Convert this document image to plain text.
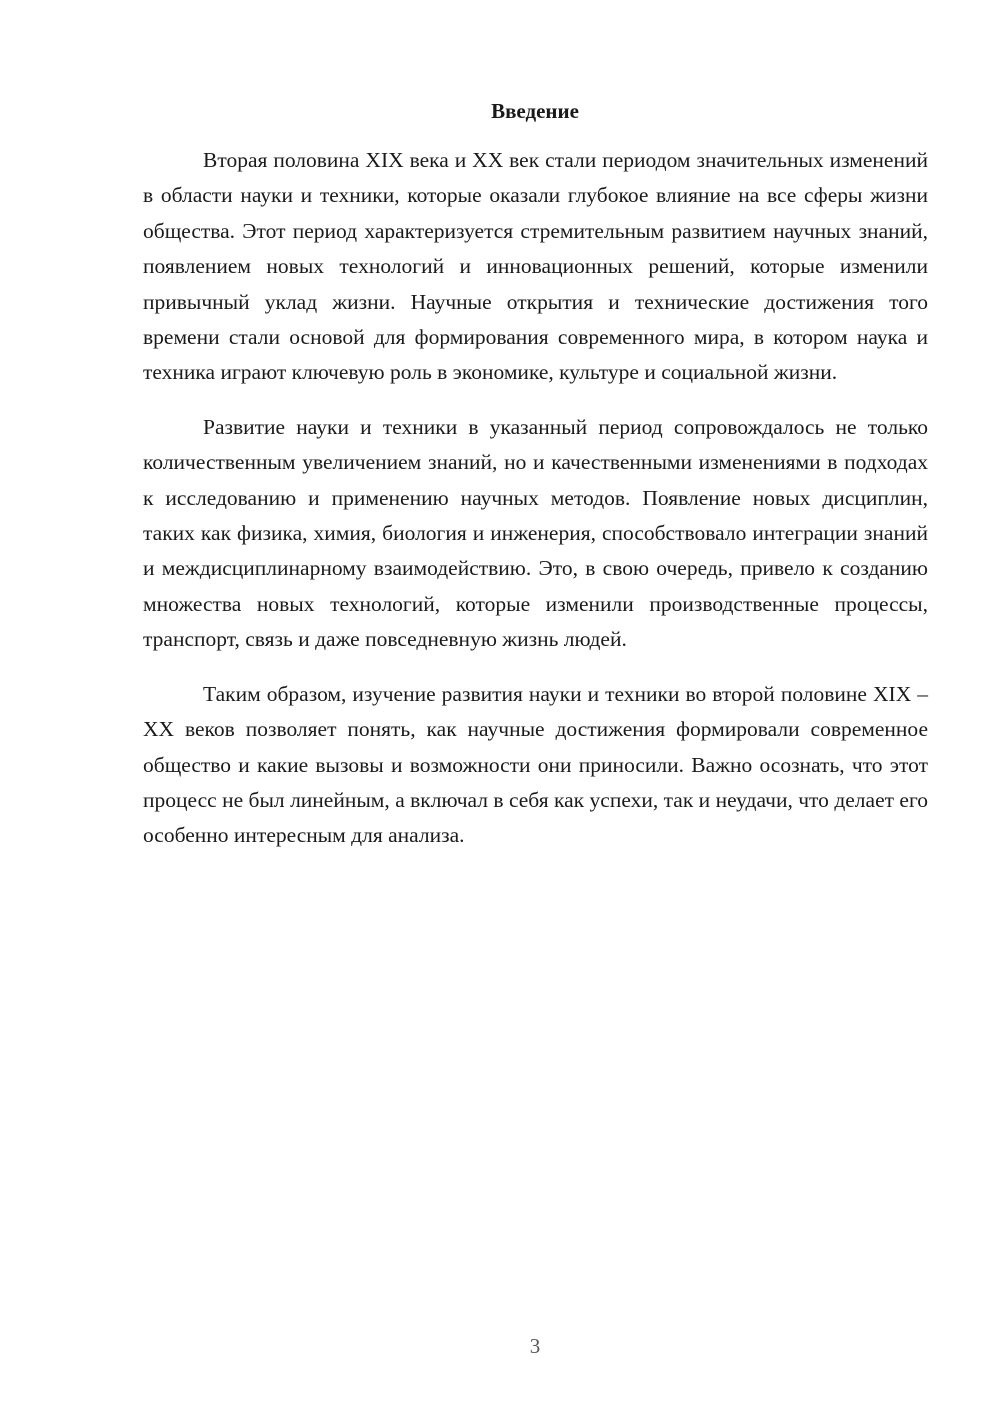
Введение

Вторая половина XIX века и XX век стали периодом значительных изменений в области науки и техники, которые оказали глубокое влияние на все сферы жизни общества. Этот период характеризуется стремительным развитием научных знаний, появлением новых технологий и инновационных решений, которые изменили привычный уклад жизни. Научные открытия и технические достижения того времени стали основой для формирования современного мира, в котором наука и техника играют ключевую роль в экономике, культуре и социальной жизни.

Развитие науки и техники в указанный период сопровождалось не только количественным увеличением знаний, но и качественными изменениями в подходах к исследованию и применению научных методов. Появление новых дисциплин, таких как физика, химия, биология и инженерия, способствовало интеграции знаний и междисциплинарному взаимодействию. Это, в свою очередь, привело к созданию множества новых технологий, которые изменили производственные процессы, транспорт, связь и даже повседневную жизнь людей.

Таким образом, изучение развития науки и техники во второй половине XIX – XX веков позволяет понять, как научные достижения формировали современное общество и какие вызовы и возможности они приносили. Важно осознать, что этот процесс не был линейным, а включал в себя как успехи, так и неудачи, что делает его особенно интересным для анализа.

3
